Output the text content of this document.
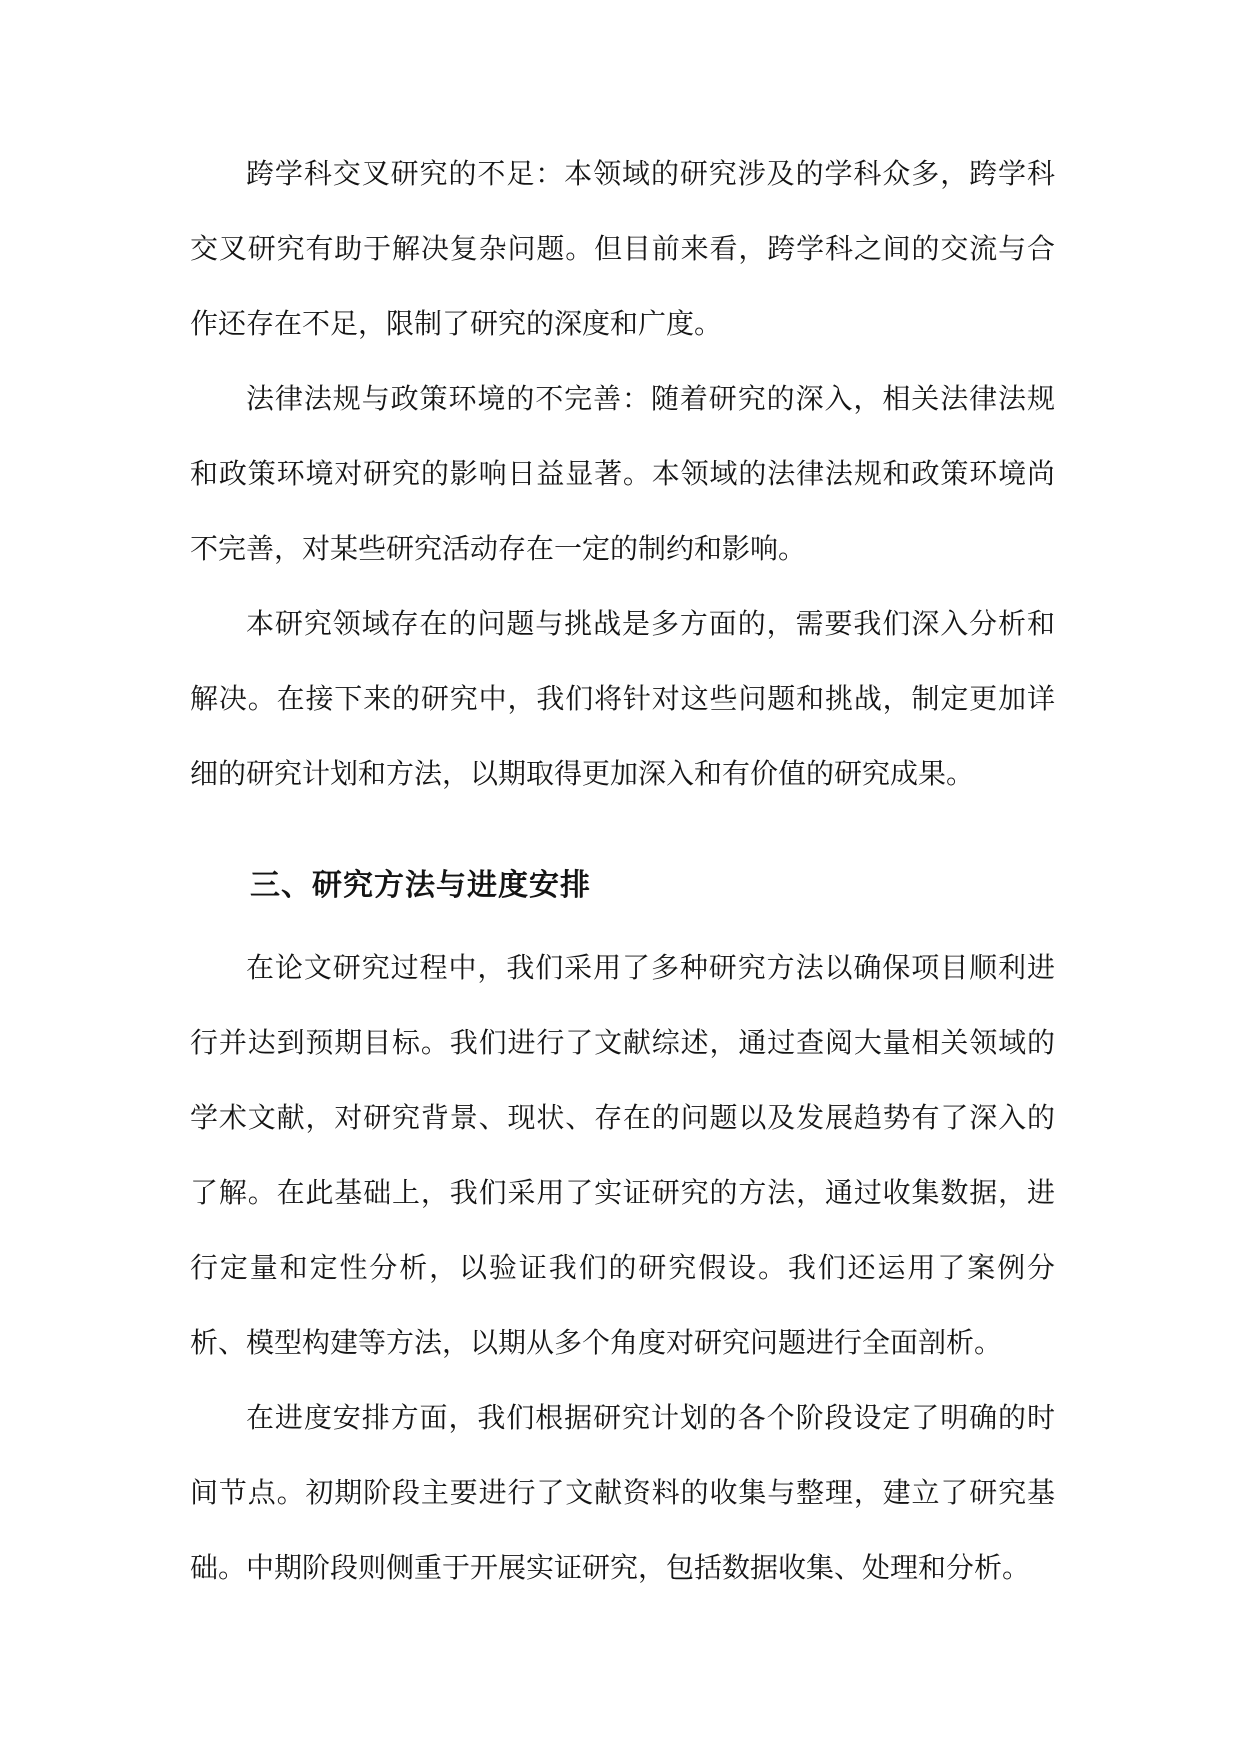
跨学科交叉研究的不足：本领域的研究涉及的学科众多，跨学科交叉研究有助于解决复杂问题。但目前来看，跨学科之间的交流与合作还存在不足，限制了研究的深度和广度。

法律法规与政策环境的不完善：随着研究的深入，相关法律法规和政策环境对研究的影响日益显著。本领域的法律法规和政策环境尚不完善，对某些研究活动存在一定的制约和影响。

本研究领域存在的问题与挑战是多方面的，需要我们深入分析和解决。在接下来的研究中，我们将针对这些问题和挑战，制定更加详细的研究计划和方法，以期取得更加深入和有价值的研究成果。

三、研究方法与进度安排

在论文研究过程中，我们采用了多种研究方法以确保项目顺利进行并达到预期目标。我们进行了文献综述，通过查阅大量相关领域的学术文献，对研究背景、现状、存在的问题以及发展趋势有了深入的了解。在此基础上，我们采用了实证研究的方法，通过收集数据，进行定量和定性分析，以验证我们的研究假设。我们还运用了案例分析、模型构建等方法，以期从多个角度对研究问题进行全面剖析。

在进度安排方面，我们根据研究计划的各个阶段设定了明确的时间节点。初期阶段主要进行了文献资料的收集与整理，建立了研究基础。中期阶段则侧重于开展实证研究，包括数据收集、处理和分析。
